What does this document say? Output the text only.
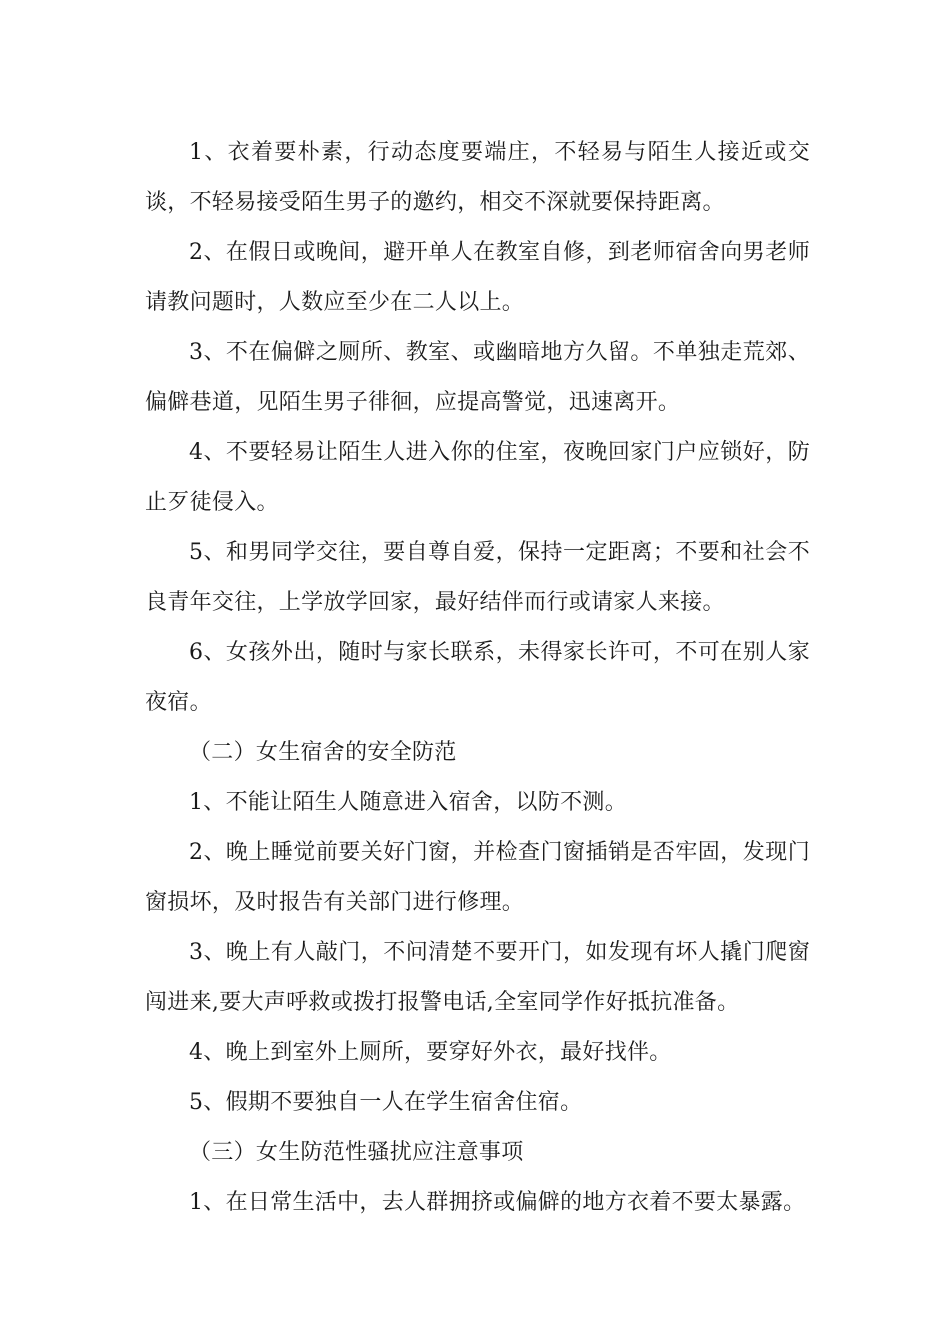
1、衣着要朴素，行动态度要端庄，不轻易与陌生人接近或交谈，不轻易接受陌生男子的邀约，相交不深就要保持距离。

2、在假日或晚间，避开单人在教室自修，到老师宿舍向男老师请教问题时，人数应至少在二人以上。

3、不在偏僻之厕所、教室、或幽暗地方久留。不单独走荒郊、偏僻巷道，见陌生男子徘徊，应提高警觉，迅速离开。

4、不要轻易让陌生人进入你的住室，夜晚回家门户应锁好，防止歹徒侵入。

5、和男同学交往，要自尊自爱，保持一定距离；不要和社会不良青年交往，上学放学回家，最好结伴而行或请家人来接。

6、女孩外出，随时与家长联系，未得家长许可，不可在别人家夜宿。

（二）女生宿舍的安全防范

1、不能让陌生人随意进入宿舍，以防不测。

2、晚上睡觉前要关好门窗，并检查门窗插销是否牢固，发现门窗损坏，及时报告有关部门进行修理。

3、晚上有人敲门，不问清楚不要开门，如发现有坏人撬门爬窗闯进来,要大声呼救或拨打报警电话,全室同学作好抵抗准备。

4、晚上到室外上厕所，要穿好外衣，最好找伴。

5、假期不要独自一人在学生宿舍住宿。

（三）女生防范性骚扰应注意事项

1、在日常生活中，去人群拥挤或偏僻的地方衣着不要太暴露。
